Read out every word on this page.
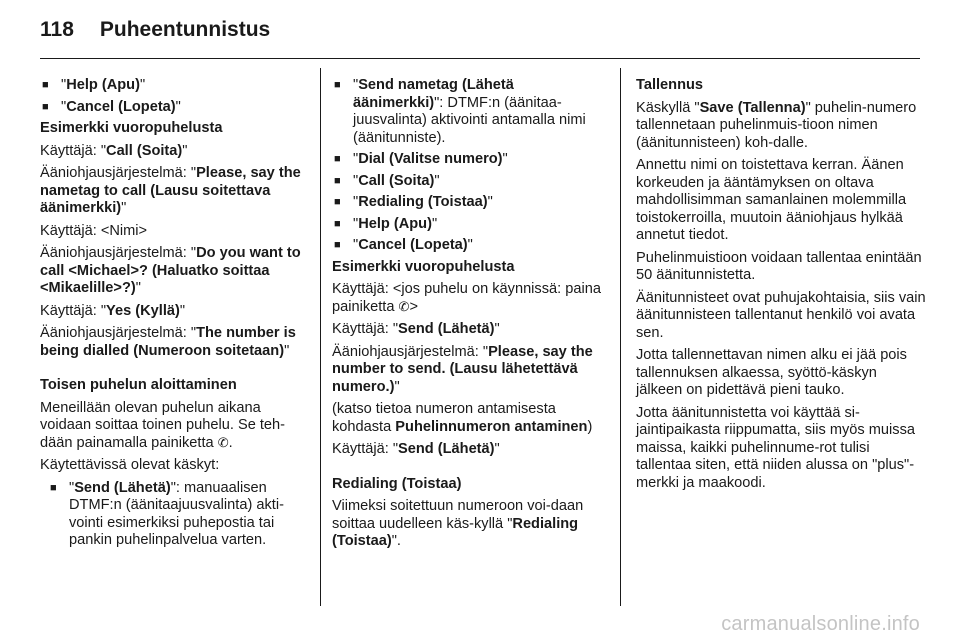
118 Puheentunnistus
■ "Help (Apu)"
■ "Cancel (Lopeta)"

Esimerkki vuoropuhelusta

Käyttäjä: "Call (Soita)"

Ääniohjausjärjestelmä: "Please, say the nametag to call (Lausu soitettava äänimerkki)"

Käyttäjä: <Nimi>

Ääniohjausjärjestelmä: "Do you want to call <Michael>? (Haluatko soittaa <Mikaelille>?)"

Käyttäjä: "Yes (Kyllä)"

Ääniohjausjärjestelmä: "The number is being dialled (Numeroon soitetaan)"

Toisen puhelun aloittaminen

Meneillään olevan puhelun aikana voidaan soittaa toinen puhelu. Se teh-dään painamalla painiketta ✆.

Käytettävissä olevat käskyt:

■ "Send (Lähetä)": manuaalisen DTMF:n (äänitaajuusvalinta) akti-vointi esimerkiksi puhepostia tai pankin puhelinpalvelua varten.
■ "Send nametag (Lähetä äänimerkki)": DTMF:n (äänitaa-juusvalinta) aktivointi antamalla nimi (äänitunniste).
■ "Dial (Valitse numero)"
■ "Call (Soita)"
■ "Redialing (Toistaa)"
■ "Help (Apu)"
■ "Cancel (Lopeta)"

Esimerkki vuoropuhelusta

Käyttäjä: <jos puhelu on käynnissä: paina painiketta ✆>

Käyttäjä: "Send (Lähetä)"

Ääniohjausjärjestelmä: "Please, say the number to send. (Lausu lähetettävä numero.)"

(katso tietoa numeron antamisesta kohdasta Puhelinnumeron antaminen)

Käyttäjä: "Send (Lähetä)"

Redialing (Toistaa)

Viimeksi soitettuun numeroon voi-daan soittaa uudelleen käs-kyllä "Redialing (Toistaa)".

Tallennus

Käskyllä "Save (Tallenna)" puhelin-numero tallennetaan puhelinmuis-tioon nimen (äänitunnisteen) koh-dalle.

Annettu nimi on toistettava kerran. Äänen korkeuden ja ääntämyksen on oltava mahdollisimman samanlainen molemmilla toistokerroilla, muutoin ääniohjaus hylkää annetut tiedot.

Puhelinmuistioon voidaan tallentaa enintään 50 äänitunnistetta.

Äänitunnisteet ovat puhujakohtaisia, siis vain äänitunnisteen tallentanut henkilö voi avata sen.

Jotta tallennettavan nimen alku ei jää pois tallennuksen alkaessa, syöttö-käskyn jälkeen on pidettävä pieni tauko.

Jotta äänitunnistetta voi käyttää si-jaintipaikasta riippumatta, siis myös muissa maissa, kaikki puhelinnume-rot tulisi tallentaa siten, että niiden alussa on "plus"-merkki ja maakoodi.

carmanualsonline.info
